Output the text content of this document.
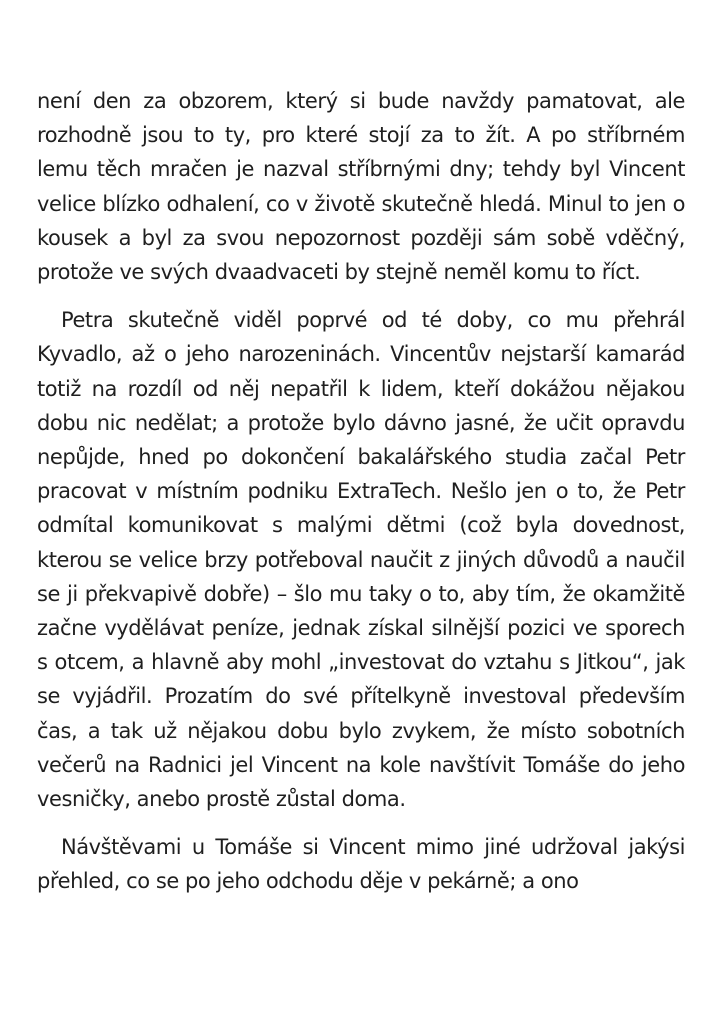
není den za obzorem, který si bude navždy pamatovat, ale rozhodně jsou to ty, pro které stojí za to žít. A po stříbrném lemu těch mračen je nazval stříbrnými dny; tehdy byl Vincent velice blízko odhalení, co v životě skutečně hledá. Minul to jen o kousek a byl za svou nepozornost později sám sobě vděčný, protože ve svých dvaadvaceti by stejně neměl komu to říct.

Petra skutečně viděl poprvé od té doby, co mu přehrál Kyvadlo, až o jeho narozeninách. Vincentův nejstarší kamarád totiž na rozdíl od něj nepatřil k lidem, kteří dokážou nějakou dobu nic nedělat; a protože bylo dávno jasné, že učit opravdu nepůjde, hned po dokončení bakalářského studia začal Petr pracovat v místním podniku ExtraTech. Nešlo jen o to, že Petr odmítal komunikovat s malými dětmi (což byla dovednost, kterou se velice brzy potřeboval naučit z jiných důvodů a naučil se ji překvapivě dobře) – šlo mu taky o to, aby tím, že okamžitě začne vydělávat peníze, jednak získal silnější pozici ve sporech s otcem, a hlavně aby mohl „investovat do vztahu s Jitkou“, jak se vyjádřil. Prozatím do své přítelkyně investoval především čas, a tak už nějakou dobu bylo zvykem, že místo sobotních večerů na Radnici jel Vincent na kole navštívit Tomáše do jeho vesničky, anebo prostě zůstal doma.

Návštěvami u Tomáše si Vincent mimo jiné udržoval jakýsi přehled, co se po jeho odchodu děje v pekárně; a ono
